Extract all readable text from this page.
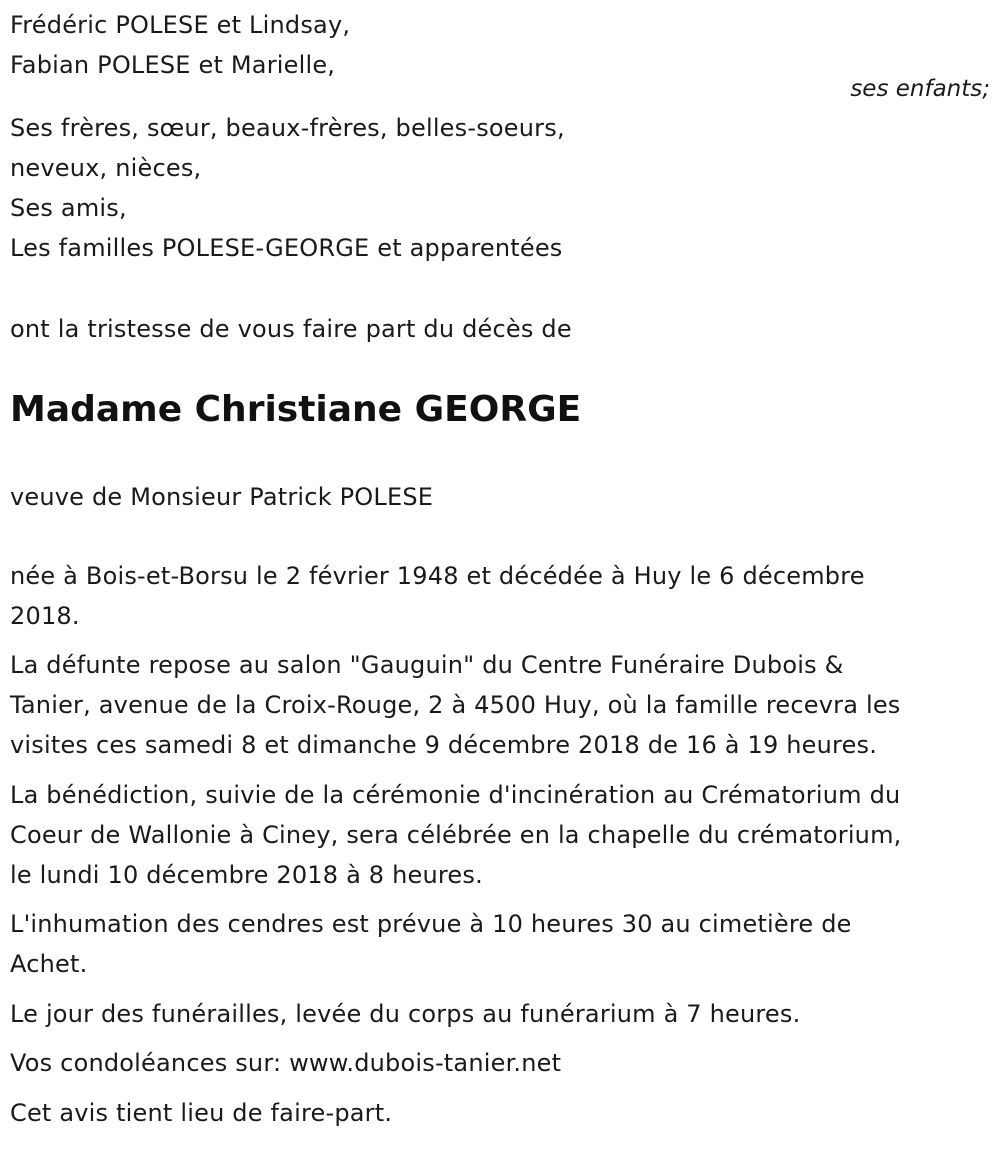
Frédéric POLESE et Lindsay,
Fabian POLESE et Marielle,
ses enfants;
Ses frères, sœur, beaux-frères, belles-soeurs,
neveux, nièces,
Ses amis,
Les familles POLESE-GEORGE et apparentées
ont la tristesse de vous faire part du décès de
Madame Christiane GEORGE
veuve de Monsieur Patrick POLESE
née à Bois-et-Borsu le 2 février 1948 et décédée à Huy le 6 décembre
2018.
La défunte repose au salon "Gauguin" du Centre Funéraire Dubois &
Tanier, avenue de la Croix-Rouge, 2 à 4500 Huy, où la famille recevra les
visites ces samedi 8 et dimanche 9 décembre 2018 de 16 à 19 heures.
La bénédiction, suivie de la cérémonie d'incinération au Crématorium du
Coeur de Wallonie à Ciney, sera célébrée en la chapelle du crématorium,
le lundi 10 décembre 2018 à 8 heures.
L'inhumation des cendres est prévue à 10 heures 30 au cimetière de
Achet.
Le jour des funérailles, levée du corps au funérarium à 7 heures.
Vos condoléances sur: www.dubois-tanier.net
Cet avis tient lieu de faire-part.
